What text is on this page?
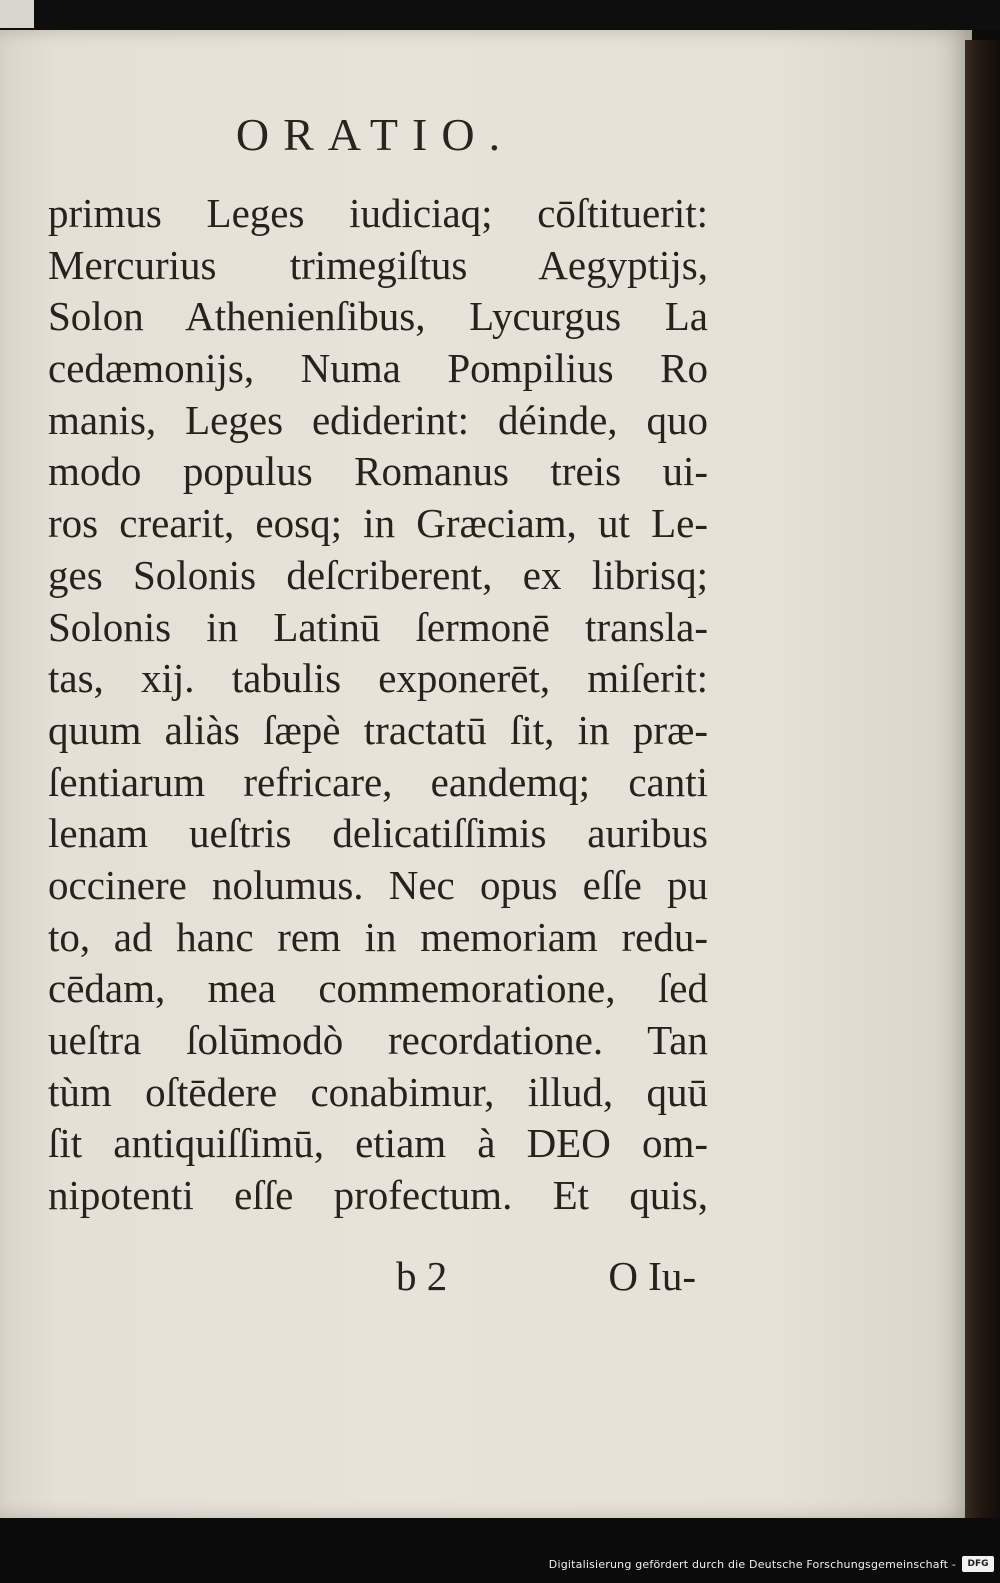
ORATIO.
primus Leges iudiciaq; cōſtituerit:
Mercurius trimegiſtus Aegyptijs,
Solon Athenienſibus, Lycurgus La
cedæmonijs, Numa Pompilius Ro
manis, Leges ediderint: déinde, quo
modo populus Romanus treis ui-
ros crearit, eosq; in Græciam, ut Le-
ges Solonis deſcriberent, ex librisq;
Solonis in Latinū ſermonē transla-
tas, xij. tabulis exponerēt, miſerit:
quum aliàs ſæpè tractatū ſit, in præ-
ſentiarum refricare, eandemq; canti
lenam ueſtris delicatiſſimis auribus
occinere nolumus. Nec opus eſſe pu
to, ad hanc rem in memoriam redu-
cēdam, mea commemoratione, ſed
ueſtra ſolūmodò recordatione. Tan
tùm oſtēdere conabimur, illud, quū
ſit antiquiſſimū, etiam à DEO om-
nipotenti eſſe profectum. Et quis,
b 2	O Iu-
Digitalisierung gefördert durch die Deutsche Forschungsgemeinschaft -	DFG
